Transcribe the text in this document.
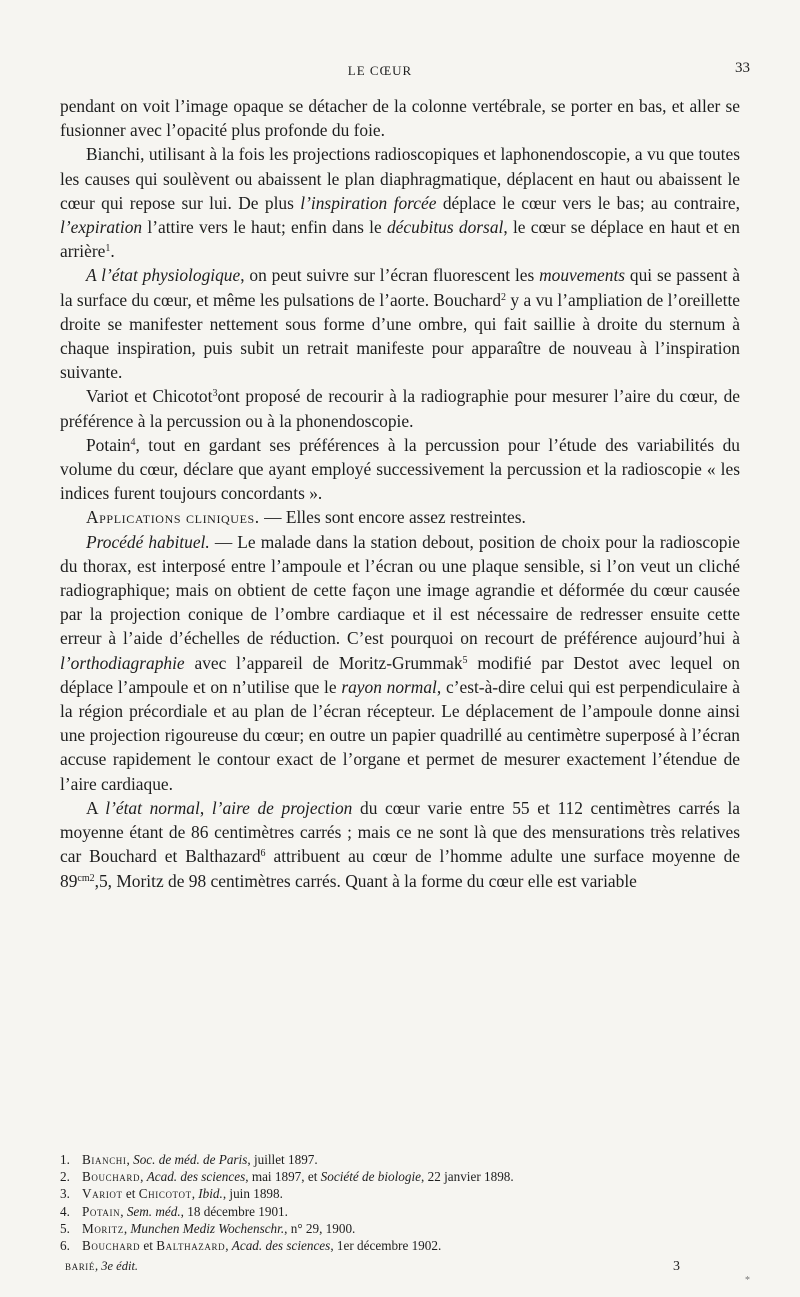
LE CŒUR	33

pendant on voit l’image opaque se détacher de la colonne vertébrale, se porter en bas, et aller se fusionner avec l’opacité plus profonde du foie.

Bianchi, utilisant à la fois les projections radioscopiques et laphonendoscopie, a vu que toutes les causes qui soulèvent ou abaissent le plan diaphragmatique, déplacent en haut ou abaissent le cœur qui repose sur lui. De plus l’inspiration forcée déplace le cœur vers le bas; au contraire, l’expiration l’attire vers le haut; enfin dans le décubitus dorsal, le cœur se déplace en haut et en arrière$^1$.

A l’état physiologique, on peut suivre sur l’écran fluorescent les mouvements qui se passent à la surface du cœur, et même les pulsations de l’aorte. Bouchard$^2$ y a vu l’ampliation de l’oreillette droite se manifester nettement sous forme d’une ombre, qui fait saillie à droite du sternum à chaque inspiration, puis subit un retrait manifeste pour apparaître de nouveau à l’inspiration suivante.

Variot et Chicotot$^3$ont proposé de recourir à la radiographie pour mesurer l’aire du cœur, de préférence à la percussion ou à la phonendoscopie.

Potain$^4$, tout en gardant ses préférences à la percussion pour l’étude des variabilités du volume du cœur, déclare que ayant employé successivement la percussion et la radioscopie « les indices furent toujours concordants ».

Applications cliniques. — Elles sont encore assez restreintes.

Procédé habituel. — Le malade dans la station debout, position de choix pour la radioscopie du thorax, est interposé entre l’ampoule et l’écran ou une plaque sensible, si l’on veut un cliché radiographique; mais on obtient de cette façon une image agrandie et déformée du cœur causée par la projection conique de l’ombre cardiaque et il est nécessaire de redresser ensuite cette erreur à l’aide d’échelles de réduction. C’est pourquoi on recourt de préférence aujourd’hui à l’orthodiagraphie avec l’appareil de Moritz-Grummak$^5$ modifié par Destot avec lequel on déplace l’ampoule et on n’utilise que le rayon normal, c’est-à-dire celui qui est perpendiculaire à la région précordiale et au plan de l’écran récepteur. Le déplacement de l’ampoule donne ainsi une projection rigoureuse du cœur; en outre un papier quadrillé au centimètre superposé à l’écran accuse rapidement le contour exact de l’organe et permet de mesurer exactement l’étendue de l’aire cardiaque.

A l’état normal, l’aire de projection du cœur varie entre 55 et 112 centimètres carrés la moyenne étant de 86 centimètres carrés ; mais ce ne sont là que des mensurations très relatives car Bouchard et Balthazard$^6$ attribuent au cœur de l’homme adulte une surface moyenne de $89^{cm2},5$, Moritz de 98 centimètres carrés. Quant à la forme du cœur elle est variable

1. Bianchi, Soc. de méd. de Paris, juillet 1897.
2. Bouchard, Acad. des sciences, mai 1897, et Société de biologie, 22 janvier 1898.
3. Variot et Chicotot, Ibid., juin 1898.
4. Potain, Sem. méd., 18 décembre 1901.
5. Moritz, Munchen Mediz Wochenschr., n° 29, 1900.
6. Bouchard et Balthazard, Acad. des sciences, 1er décembre 1902.
barié, 3e édit.	3
*
